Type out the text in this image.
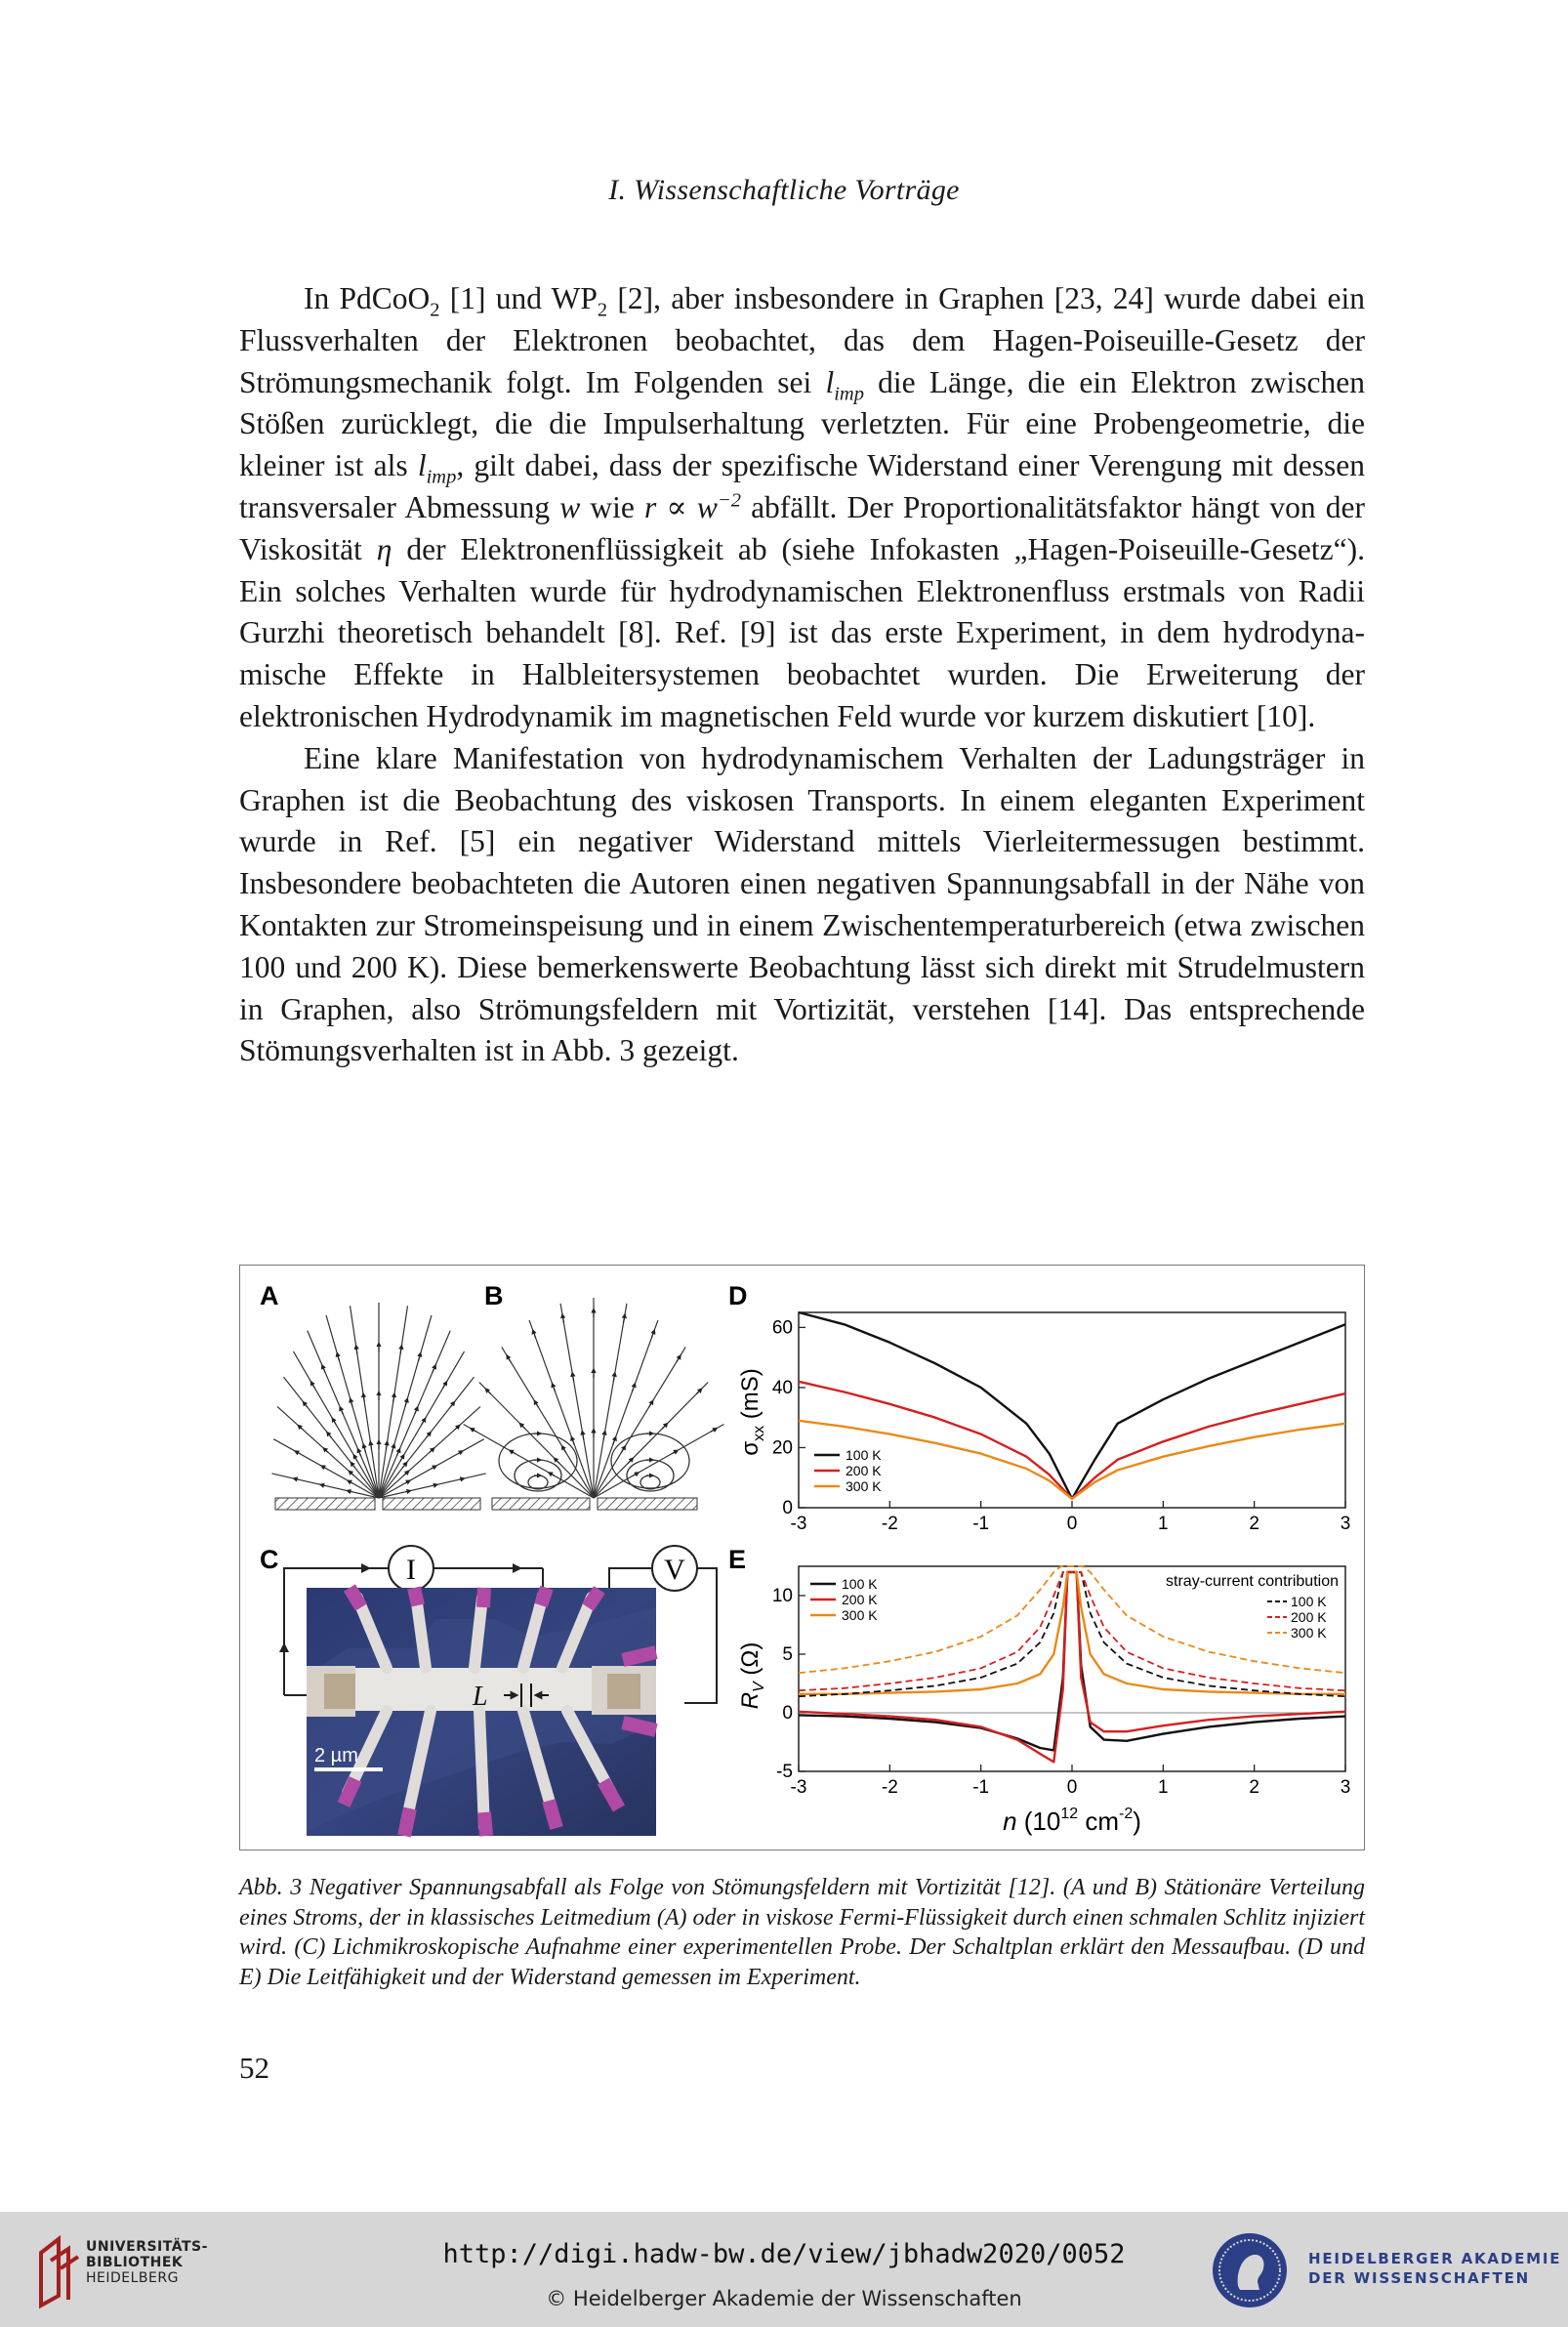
I. Wissenschaftliche Vorträge

In PdCoO$_2$ [1] und $WP_2$ [2], aber insbesondere in Graphen [23, 24] wurde dabei ein Flussverhalten der Elektronen beobachtet, das dem Hagen-Poiseuille-Gesetz der Strömungsmechanik folgt. Im Folgenden sei $l_{imp}$ die Länge, die ein Elektron zwischen Stößen zurücklegt, die die Impulserhaltung verletzten. Für eine Probengeometrie, die kleiner ist als $l_{imp}$, gilt dabei, dass der spezifische Widerstand einer Verengung mit dessen transversaler Abmessung w wie $r \propto w^{-2}$ abfällt. Der Proportionalitätsfaktor hängt von der Viskosität η der Elektronenflüssigkeit ab (siehe Infokasten „Hagen-Poiseuille-Gesetz“). Ein solches Verhalten wurde für hydrodynamischen Elektronenfluss erstmals von Radii Gurzhi theoretisch behandelt [8]. Ref. [9] ist das erste Experiment, in dem hydrodynamische Effekte in Halbleitersystemen beobachtet wurden. Die Erweiterung der elektronischen Hydrodynamik im magnetischen Feld wurde vor kurzem diskutiert [10].

Eine klare Manifestation von hydrodynamischem Verhalten der Ladungsträger in Graphen ist die Beobachtung des viskosen Transports. In einem eleganten Experiment wurde in Ref. [5] ein negativer Widerstand mittels Vierleitermessugen bestimmt. Insbesondere beobachteten die Autoren einen negativen Spannungsabfall in der Nähe von Kontakten zur Stromeinspeisung und in einem Zwischentemperaturbereich (etwa zwischen 100 und 200 K). Diese bemerkenswerte Beobachtung lässt sich direkt mit Strudelmustern in Graphen, also Strömungsfeldern mit Vortizität, verstehen [14]. Das entsprechende Stömungsverhalten ist in Abb. 3 gezeigt.

A	B
C
D
E
I	V
L
2 µm
-3	-2	-1	0	1	2	3
0
20
40
60
$\sigma_{xx}$ (mS)
100 K
200 K
300 K
-3	-2	-1	0	1	2	3
-5
0
5
10
$R_V$ (Ω)
n ($10^{12}$ $cm^{-2}$)
100 K
200 K
300 K
stray-current contribution
100 K
200 K
300 K
Abb. 3 Negativer Spannungsabfall als Folge von Stömungsfeldern mit Vortizität [12]. (A und B) Stätionäre Verteilung eines Stroms, der in klassisches Leitmedium (A) oder in viskose Fermi-Flüssigkeit durch einen schmalen Schlitz injiziert wird. (C) Lichmikroskopische Aufnahme einer experimentellen Probe. Der Schaltplan erklärt den Messaufbau. (D und E) Die Leitfähigkeit und der Widerstand gemessen im Experiment.
52
UNIVERSITÄTS-
BIBLIOTHEK
HEIDELBERG
http://digi.hadw-bw.de/view/jbhadw2020/0052
© Heidelberger Akademie der Wissenschaften
HEIDELBERGER AKADEMIE
DER WISSENSCHAFTEN
